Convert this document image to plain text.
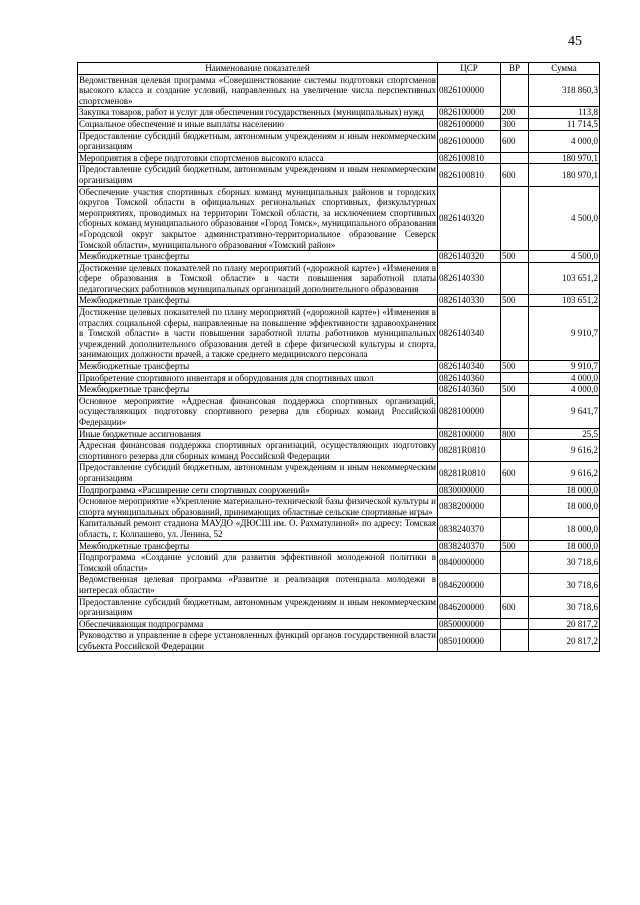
45
Наименование показателей	ЦСР	ВР	Сумма
Ведомственная целевая программа «Совершенствование системы подготовки спортсменов высокого класса и создание условий, направленных на увеличение числа перспективных спортсменов»	0826100000		318 860,3
Закупка товаров, работ и услуг для обеспечения государственных (муниципальных) нужд	0826100000	200	113,8
Социальное обеспечение и иные выплаты населению	0826100000	300	11 714,5
Предоставление субсидий бюджетным, автономным учреждениям и иным некоммерческим организациям	0826100000	600	4 000,0
Мероприятия в сфере подготовки спортсменов высокого класса	0826100810		180 970,1
Предоставление субсидий бюджетным, автономным учреждениям и иным некоммерческим организациям	0826100810	600	180 970,1
Обеспечение участия спортивных сборных команд муниципальных районов и городских округов Томской области в официальных региональных спортивных, физкультурных мероприятиях, проводимых на территории Томской области, за исключением спортивных сборных команд муниципального образования «Город Томск», муниципального образования «Городской округ закрытое административно-территориальное образование Северск Томской области», муниципального образования «Томский район»	0826140320		4 500,0
Межбюджетные трансферты	0826140320	500	4 500,0
Достижение целевых показателей по плану мероприятий («дорожной карте») «Изменения в сфере образования в Томской области» в части повышения заработной платы педагогических работников муниципальных организаций дополнительного образования	0826140330		103 651,2
Межбюджетные трансферты	0826140330	500	103 651,2
Достижение целевых показателей по плану мероприятий («дорожной карте») «Изменения в отраслях социальной сферы, направленные на повышение эффективности здравоохранения в Томской области» в части повышения заработной платы работников муниципальных учреждений дополнительного образования детей в сфере физической культуры и спорта, занимающих должности врачей, а также среднего медицинского персонала	0826140340		9 910,7
Межбюджетные трансферты	0826140340	500	9 910,7
Приобретение спортивного инвентаря и оборудования для спортивных школ	0826140360		4 000,0
Межбюджетные трансферты	0826140360	500	4 000,0
Основное мероприятие «Адресная финансовая поддержка спортивных организаций, осуществляющих подготовку спортивного резерва для сборных команд Российской Федерации»	0828100000		9 641,7
Иные бюджетные ассигнования	0828100000	800	25,5
Адресная финансовая поддержка спортивных организаций, осуществляющих подготовку спортивного резерва для сборных команд Российской Федерации	08281R0810		9 616,2
Предоставление субсидий бюджетным, автономным учреждениям и иным некоммерческим организациям	08281R0810	600	9 616,2
Подпрограмма «Расширение сети спортивных сооружений»	0830000000		18 000,0
Основное мероприятие «Укрепление материально-технической базы физической культуры и спорта муниципальных образований, принимающих областные сельские спортивные игры»	0838200000		18 000,0
Капитальный ремонт стадиона МАУДО «ДЮСШ им. О. Рахматулиной» по адресу: Томская область, г. Колпашево, ул. Ленина, 52	0838240370		18 000,0
Межбюджетные трансферты	0838240370	500	18 000,0
Подпрограмма «Создание условий для развития эффективной молодежной политики в Томской области»	0840000000		30 718,6
Ведомственная целевая программа «Развитие и реализация потенциала молодежи в интересах области»	0846200000		30 718,6
Предоставление субсидий бюджетным, автономным учреждениям и иным некоммерческим организациям	0846200000	600	30 718,6
Обеспечивающая подпрограмма	0850000000		20 817,2
Руководство и управление в сфере установленных функций органов государственной власти субъекта Российской Федерации	0850100000		20 817,2
